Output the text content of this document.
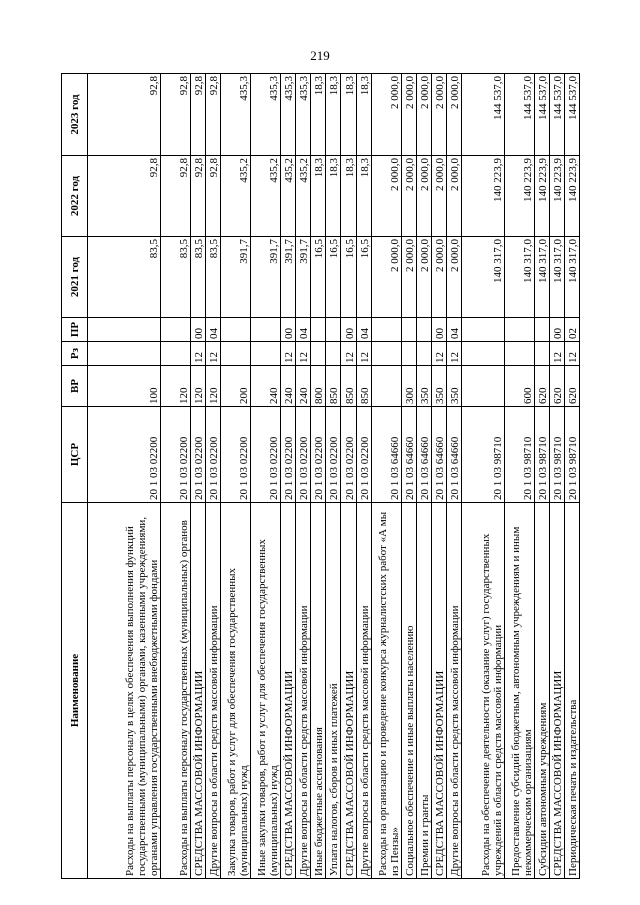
219
Наименование	ЦСР	ВР	Рз	ПР	2021 год	2022 год	2023 год
Расходы на выплаты персоналу в целях обеспечения выполнения функций государственными (муниципальными) органами, казенными учреждениями, органами управления государственными внебюджетными фондами	20 1 03 02200	100			83,5	92,8	92,8
Расходы на выплаты персоналу государственных (муниципальных) органов	20 1 03 02200	120			83,5	92,8	92,8
СРЕДСТВА МАССОВОЙ ИНФОРМАЦИИ	20 1 03 02200	120	12	00	83,5	92,8	92,8
Другие вопросы в области средств массовой информации	20 1 03 02200	120	12	04	83,5	92,8	92,8
Закупка товаров, работ и услуг для обеспечения государственных (муниципальных) нужд	20 1 03 02200	200			391,7	435,2	435,3
Иные закупки товаров, работ и услуг для обеспечения государственных (муниципальных) нужд	20 1 03 02200	240			391,7	435,2	435,3
СРЕДСТВА МАССОВОЙ ИНФОРМАЦИИ	20 1 03 02200	240	12	00	391,7	435,2	435,3
Другие вопросы в области средств массовой информации	20 1 03 02200	240	12	04	391,7	435,2	435,3
Иные бюджетные ассигнования	20 1 03 02200	800			16,5	18,3	18,3
Уплата налогов, сборов и иных платежей	20 1 03 02200	850			16,5	18,3	18,3
СРЕДСТВА МАССОВОЙ ИНФОРМАЦИИ	20 1 03 02200	850	12	00	16,5	18,3	18,3
Другие вопросы в области средств массовой информации	20 1 03 02200	850	12	04	16,5	18,3	18,3
Расходы на организацию и проведение конкурса журналистских работ «А мы из Пензы»	20 1 03 64660				2 000,0	2 000,0	2 000,0
Социальное обеспечение и иные выплаты населению	20 1 03 64660	300			2 000,0	2 000,0	2 000,0
Премии и гранты	20 1 03 64660	350			2 000,0	2 000,0	2 000,0
СРЕДСТВА МАССОВОЙ ИНФОРМАЦИИ	20 1 03 64660	350	12	00	2 000,0	2 000,0	2 000,0
Другие вопросы в области средств массовой информации	20 1 03 64660	350	12	04	2 000,0	2 000,0	2 000,0
Расходы на обеспечение деятельности (оказание услуг) государственных учреждений в области средств массовой информации	20 1 03 98710				140 317,0	140 223,9	144 537,0
Предоставление субсидий бюджетным, автономным учреждениям и иным некоммерческим организациям	20 1 03 98710	600			140 317,0	140 223,9	144 537,0
Субсидии автономным учреждениям	20 1 03 98710	620			140 317,0	140 223,9	144 537,0
СРЕДСТВА МАССОВОЙ ИНФОРМАЦИИ	20 1 03 98710	620	12	00	140 317,0	140 223,9	144 537,0
Периодическая печать и издательства	20 1 03 98710	620	12	02	140 317,0	140 223,9	144 537,0
